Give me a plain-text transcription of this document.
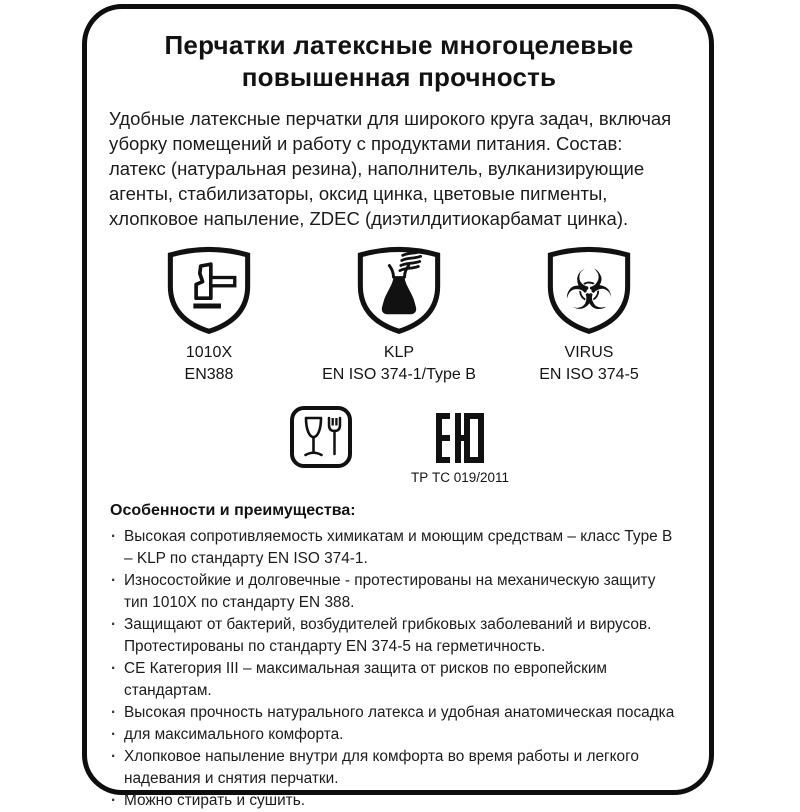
Перчатки латексные многоцелевые
повышенная прочность
Удобные латексные перчатки для широкого круга задач, включая уборку помещений и работу с продуктами питания. Состав: латекс (натуральная резина), наполнитель, вулканизирующие агенты, стабилизаторы, оксид цинка, цветовые пигменты, хлопковое напыление, ZDEC (диэтилдитиокарбамат цинка).
1010X
EN388
KLP
EN ISO 374-1/Type B
☣
VIRUS
EN ISO 374-5
ТР ТС 019/2011
Особенности и преимущества:
· Высокая сопротивляемость химикатам и моющим средствам – класс Type B – KLP по стандарту EN ISO 374-1.
· Износостойкие и долговечные - протестированы на механическую защиту тип 1010X по стандарту EN 388.
· Защищают от бактерий, возбудителей грибковых заболеваний и вирусов. Протестированы по стандарту EN 374-5 на герметичность.
· СЕ Категория III – максимальная защита от рисков по европейским стандартам.
· Высокая прочность натурального латекса и удобная анатомическая посадка
· для максимального комфорта.
· Хлопковое напыление внутри для комфорта во время работы и легкого надевания и снятия перчатки.
· Можно стирать и сушить.
